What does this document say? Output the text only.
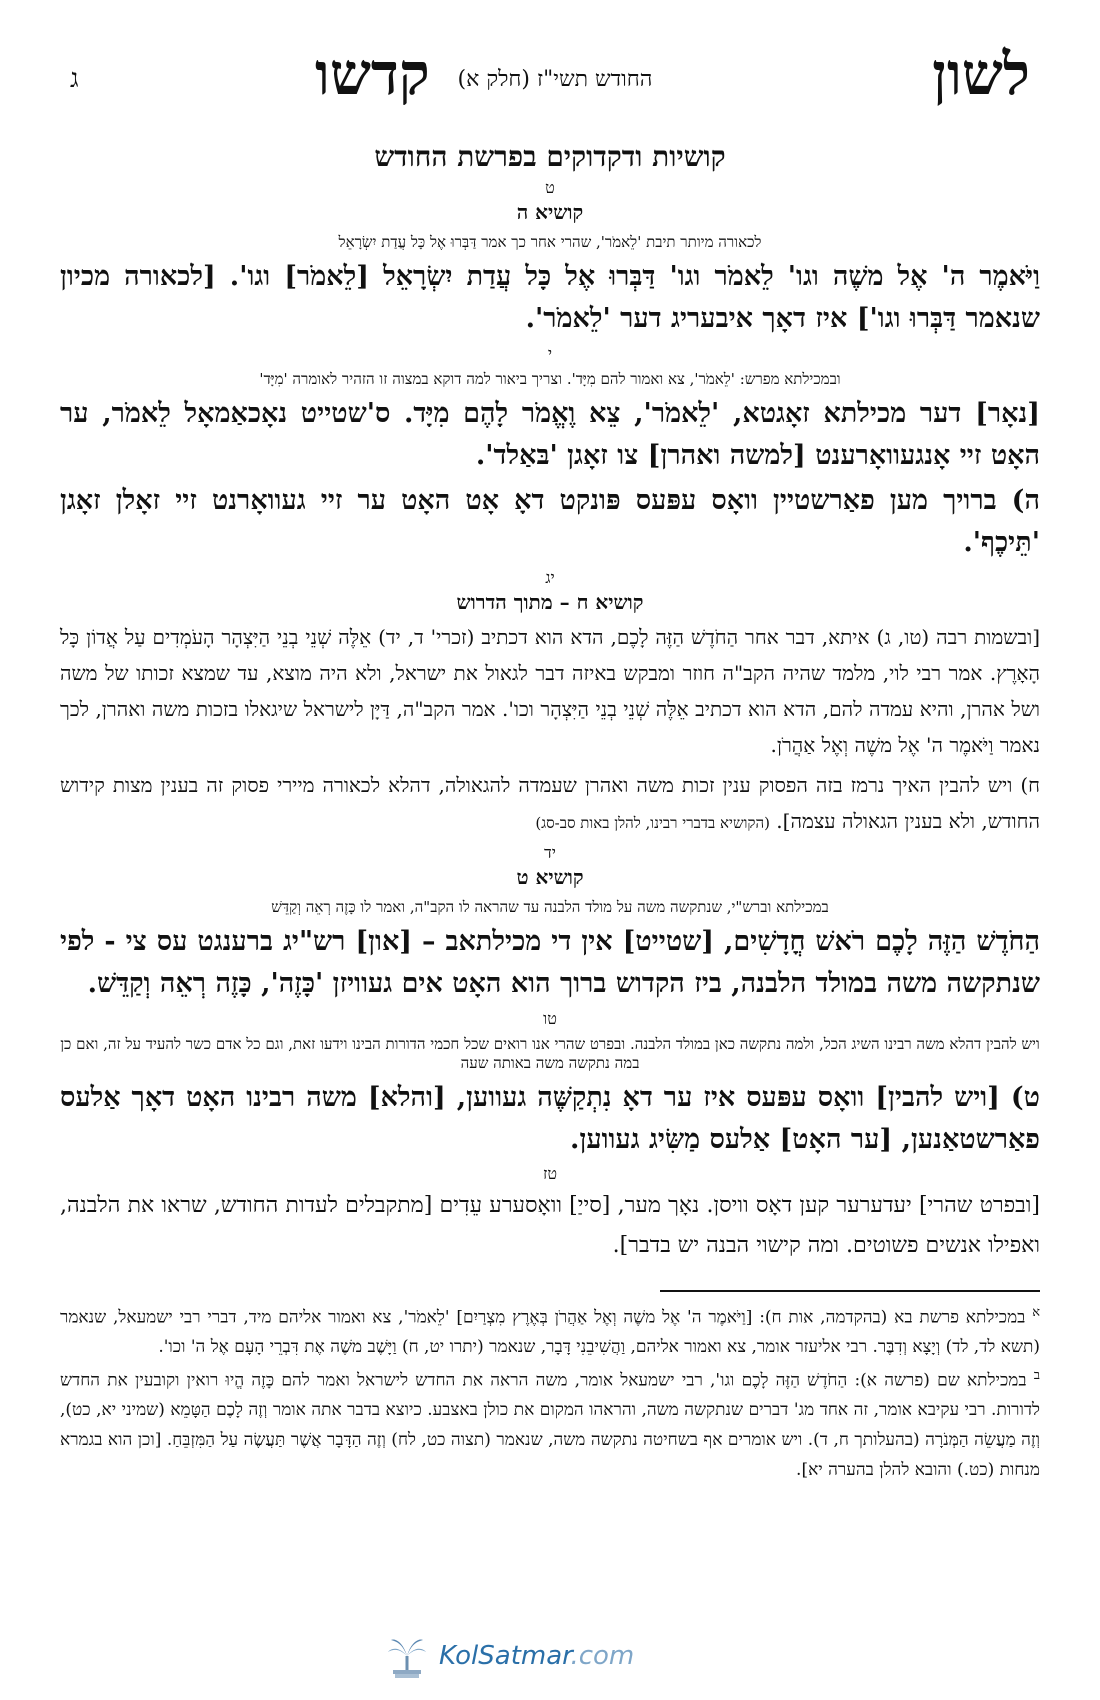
לשון
החודש תשי"ז (חלק א)
קדשו
ג
קושיות ודקדוקים בפרשת החודש
ט
קושיא ה
לכאורה מיותר תיבת 'לֵאמֹר', שהרי אחר כך אמר דַּבְּרוּ אֶל כָּל עֲדַת יִשְׂרָאֵל

וַיֹּאמֶר ה' אֶל משֶׁה וגו' לֵאמֹר וגו' דַּבְּרוּ אֶל כָּל עֲדַת יִשְׂרָאֵל [לֵאמֹר] וגו'. [לכאורה מכיון שנאמר דַּבְּרוּ וגו'] איז דאָך איבעריג דער 'לֵאמֹר'.

י
ובמכילתא מפרש: 'לֵאמֹר', צא ואמור להם מִיָּד'. וצריך ביאור למה דוקא במצוה זו הזהיר לאומרה 'מִיָּד'

[נאָר] דער מכילתא זאָגטא, 'לֵאמֹר', צֵא וֶאֱמֹר לָהֶם מִיָּד. ס'שטייט נאָכאַמאָל לֵאמֹר, ער האָט זיי אָנגעוואָרענט [למשה ואהרן] צו זאָגן 'בּאַלד'.

ה) ברויך מען פאַרשטיין וואָס עפּעס פּונקט דאָ אָט האָט ער זיי געוואָרנט זיי זאָלן זאָגן 'תֵּיכֶף'.

יג
קושיא ח – מתוך הדרוש

[ובשמות רבה (טו, ג) איתא, דבר אחר הַחֹדֶשׁ הַזֶּה לָכֶם, הדא הוא דכתיב (זכרי' ד, יד) אֵלֶּה שְׁנֵי בְנֵי הַיִּצְהָר הָעֹמְדִים עַל אֲדוֹן כָּל הָאָרֶץ. אמר רבי לוי, מלמד שהיה הקב"ה חוזר ומבקש באיזה דבר לגאול את ישראל, ולא היה מוצא, עד שמצא זכותו של משה ושל אהרן, והיא עמדה להם, הדא הוא דכתיב אֵלֶּה שְׁנֵי בְנֵי הַיִּצְהָר וכו'. אמר הקב"ה, דַּיָּן לישראל שיגאלו בזכות משה ואהרן, לכך נאמר וַיֹּאמֶר ה' אֶל משֶׁה וְאֶל אַהֲרֹן.

ח) ויש להבין האיך נרמז בזה הפסוק ענין זכות משה ואהרן שעמדה להגאולה, דהלא לכאורה מיירי פסוק זה בענין מצות קידוש החודש, ולא בענין הגאולה עצמה]. (הקושיא בדברי רבינו, להלן באות סב-סג)

יד
קושיא ט
במכילתא וברש"י, שנתקשה משה על מולד הלבנה עד שהראה לו הקב"ה, ואמר לו כָּזֶה רְאֵה וְקַדֵּשׁ

הַחֹדֶשׁ הַזֶּה לָכֶם רֹאשׁ חֳדָשִׁים, [שטייט] אין די מכילתאב – [און] רש"יג ברענגט עס צי - לפי שנתקשה משה במולד הלבנה, ביז הקדוש ברוך הוא האָט אים געוויזן 'כָּזֶה', כָּזֶה רְאֵה וְקַדֵּשׁ.

טו
ויש להבין דהלא משה רבינו השיג הכל, ולמה נתקשה כאן במולד הלבנה. ובפרט שהרי אנו רואים שכל חכמי הדורות הבינו וידעו זאת, וגם כל אדם כשר להעיד על זה, ואם כן במה נתקשה משה באותה שעה

ט) [ויש להבין] וואָס עפּעס איז ער דאָ נִתְקַשֶּׁה געווען, [והלא] משה רבינו האָט דאָך אַלעס פאַרשטאַנען, [ער האָט] אַלעס מַשִּׂיג געווען.

טז

[ובפרט שהרי] יעדערער קען דאָס וויסן. נאָך מער, [סייַ] וואָסערע עֵדִים [מתקבלים לעדות החודש, שראו את הלבנה, ואפילו אנשים פשוטים. ומה קישוי הבנה יש בדבר].

$^א$ במכילתא פרשת בא (בהקדמה, אות ח): [וַיֹּאמֶר ה' אֶל משֶׁה וְאֶל אַהֲרֹן בְּאֶרֶץ מִצְרַיִם] 'לֵאמֹר', צא ואמור אליהם מיד, דברי רבי ישמעאל, שנאמר (תשא לד, לד) וְיָצָא וְדִבֶּר. רבי אליעזר אומר, צא ואמור אליהם, וַהֲשִׁיבֵנִי דָּבָר, שנאמר (יתרו יט, ח) וַיָּשֶׁב משֶׁה אֶת דִּבְרֵי הָעָם אֶל ה' וכו'.

$^ב$ במכילתא שם (פרשה א): הַחֹדֶשׁ הַזֶּה לָכֶם וגו', רבי ישמעאל אומר, משה הראה את החדש לישראל ואמר להם כָּזֶה הֱיוּ רואין וקובעין את החדש לדורות. רבי עקיבא אומר, זה אחד מג' דברים שנתקשה משה, והראהו המקום את כולן באצבע. כיוצא בדבר אתה אומר וְזֶה לָכֶם הַטָּמֵא (שמיני יא, כט), וְזֶה מַעֲשֵׂה הַמְּנֹרָה (בהעלותך ח, ד). ויש אומרים אף בשחיטה נתקשה משה, שנאמר (תצוה כט, לח) וְזֶה הַדָּבָר אֲשֶׁר תַּעֲשֶׂה עַל הַמִּזְבֵּחַ. [וכן הוא בגמרא מנחות (כט.) והובא להלן בהערה יא].

KolSatmar.com
